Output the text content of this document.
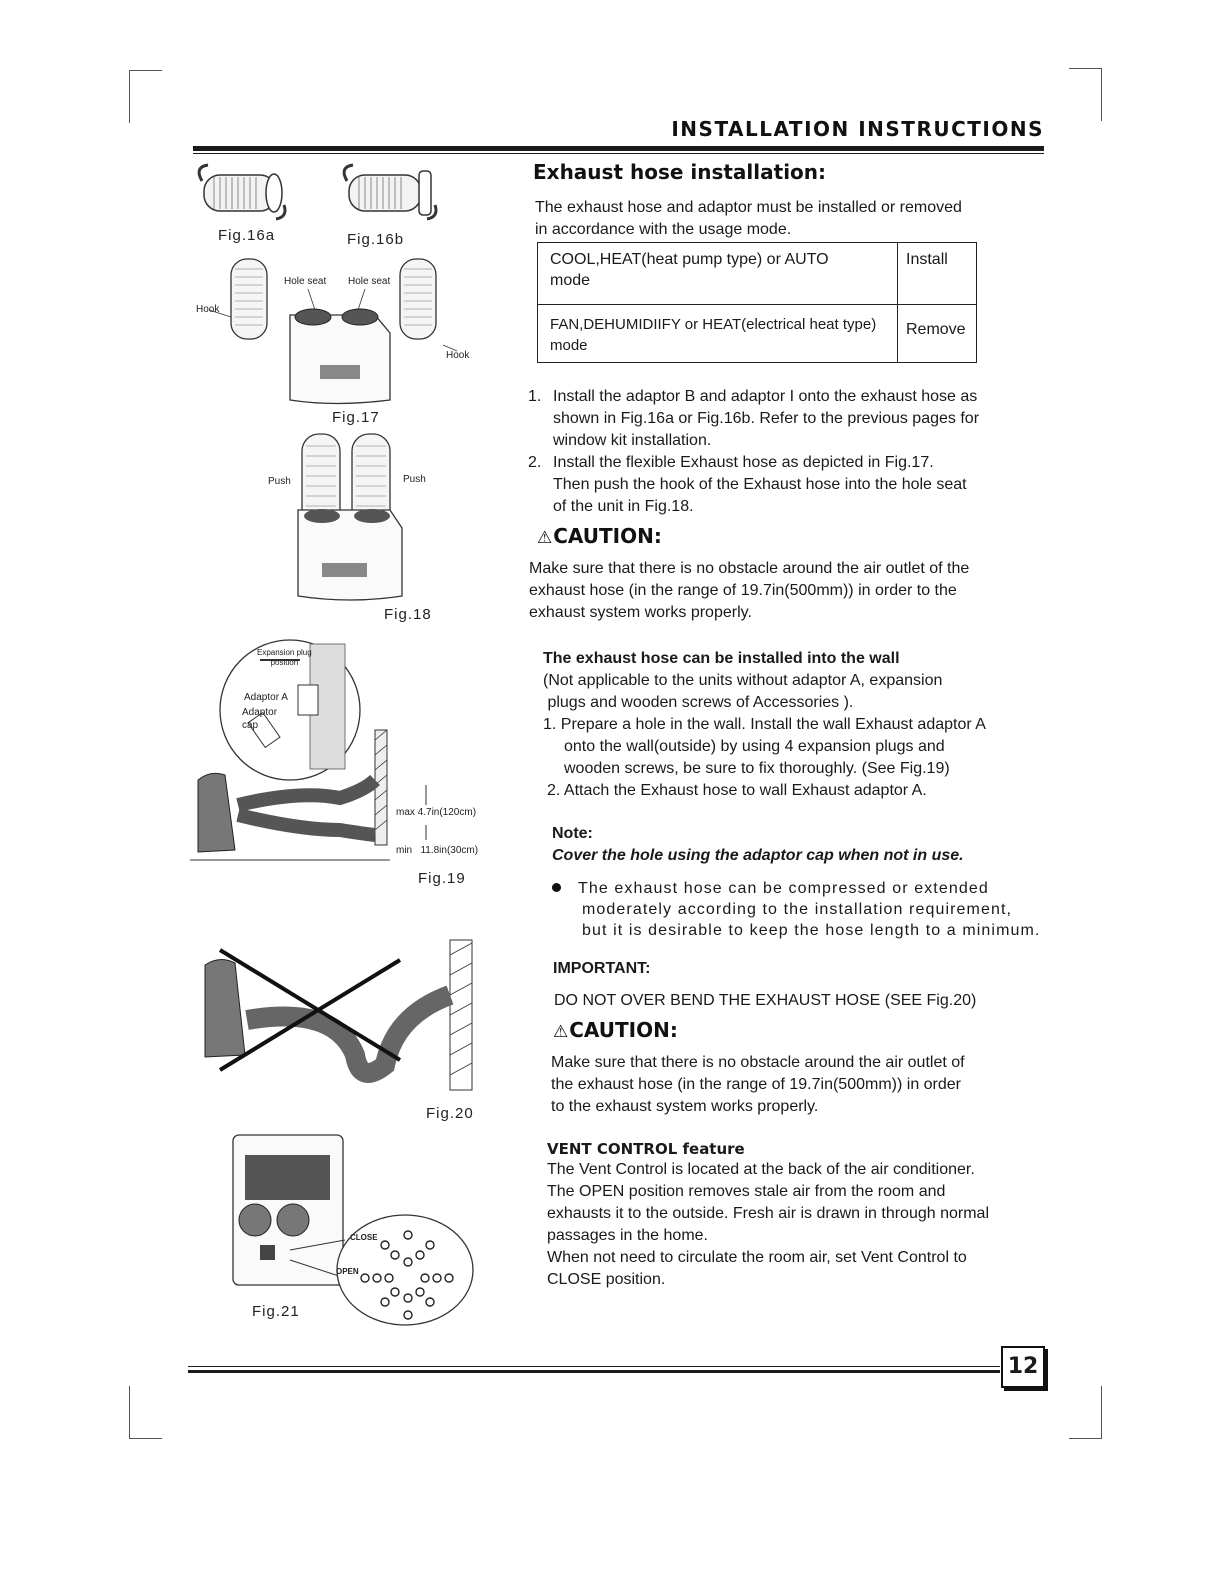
INSTALLATION INSTRUCTIONS
Exhaust hose installation:
The exhaust hose and adaptor must be installed or removed
in accordance with the usage mode.
COOL,HEAT(heat pump type) or AUTO
mode	Install

FAN,DEHUMIDIIFY or HEAT(electrical heat type)
mode	Remove
1. Install the adaptor B and adaptor I onto the exhaust hose as
shown in Fig.16a or Fig.16b. Refer to the previous pages for
window kit installation.
2. Install the flexible Exhaust hose as depicted in Fig.17.
Then push the hook of the Exhaust hose into the hole seat
of the unit in Fig.18.
⚠CAUTION:
Make sure that there is no obstacle around the air outlet of the
exhaust hose (in the range of 19.7in(500mm)) in order to the
exhaust system works properly.
The exhaust hose can be installed into the wall
(Not applicable to the units without adaptor A, expansion
plugs and wooden screws of Accessories ).
1. Prepare a hole in the wall. Install the wall Exhaust adaptor A
onto the wall(outside) by using 4 expansion plugs and
wooden screws, be sure to fix thoroughly. (See Fig.19)
2. Attach the Exhaust hose to wall Exhaust adaptor A.
Note:
Cover the hole using the adaptor cap when not in use.
The exhaust hose can be compressed or extended
moderately according to the installation requirement,
but it is desirable to keep the hose length to a minimum.
IMPORTANT:
DO NOT OVER BEND THE EXHAUST HOSE (SEE Fig.20)
⚠CAUTION:
Make sure that there is no obstacle around the air outlet of
the exhaust hose (in the range of 19.7in(500mm)) in order
to the exhaust system works properly.
VENT CONTROL feature
The Vent Control is located at the back of the air conditioner.
The OPEN position removes stale air from the room and
exhausts it to the outside. Fresh air is drawn in through normal
passages in the home.
When not need to circulate the room air, set Vent Control to
CLOSE position.
Fig.16a	Fig.16b
Hook
Hole seat Hole seat
Hook
Fig.17
Push	Push
Fig.18
Expansion plug
position
Adaptor A
Adaptor
cap
max 4.7in(120cm)
min   11.8in(30cm)
Fig.19
Fig.20
CLOSE
OPEN
Fig.21
12
